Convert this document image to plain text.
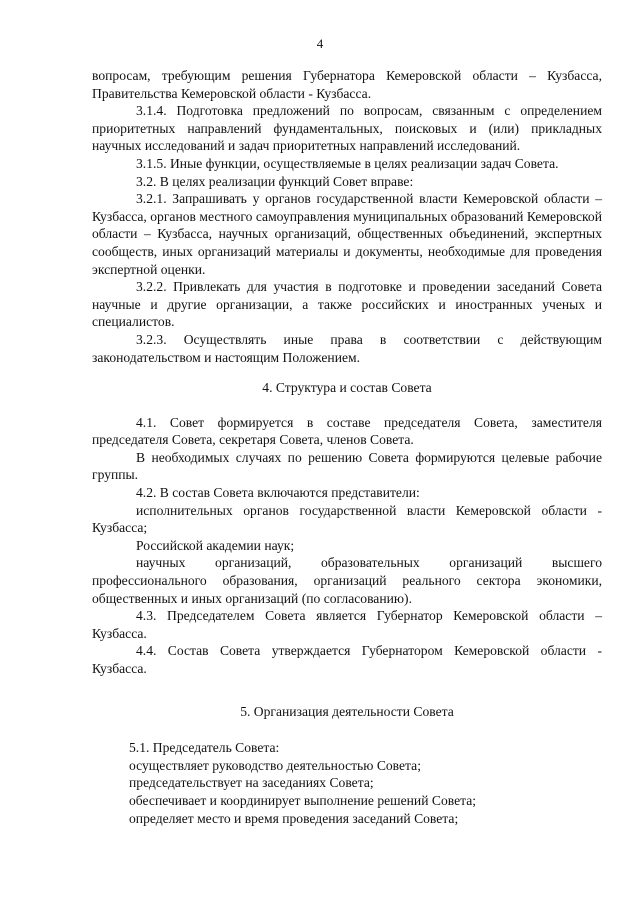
4

вопросам, требующим решения Губернатора Кемеровской области – Кузбасса, Правительства Кемеровской области - Кузбасса.

3.1.4. Подготовка предложений по вопросам, связанным с определением приоритетных направлений фундаментальных, поисковых и (или) прикладных научных исследований и задач приоритетных направлений исследований.

3.1.5. Иные функции, осуществляемые в целях реализации задач Совета.

3.2. В целях реализации функций Совет вправе:

3.2.1. Запрашивать у органов государственной власти Кемеровской области – Кузбасса, органов местного самоуправления муниципальных образований Кемеровской области – Кузбасса, научных организаций, общественных объединений, экспертных сообществ, иных организаций материалы и документы, необходимые для проведения экспертной оценки.

3.2.2. Привлекать для участия в подготовке и проведении заседаний Совета научные и другие организации, а также российских и иностранных ученых и специалистов.

3.2.3. Осуществлять иные права в соответствии с действующим законодательством и настоящим Положением.

4. Структура и состав Совета

4.1. Совет формируется в составе председателя Совета, заместителя председателя Совета, секретаря Совета, членов Совета.

В необходимых случаях по решению Совета формируются целевые рабочие группы.

4.2. В состав Совета включаются представители:

исполнительных органов государственной власти Кемеровской области - Кузбасса;

Российской академии наук;

научных организаций, образовательных организаций высшего профессионального образования, организаций реального сектора экономики, общественных и иных организаций (по согласованию).

4.3. Председателем Совета является Губернатор Кемеровской области – Кузбасса.

4.4. Состав Совета утверждается Губернатором Кемеровской области - Кузбасса.

5. Организация деятельности Совета

5.1. Председатель Совета:

осуществляет руководство деятельностью Совета;

председательствует на заседаниях Совета;

обеспечивает и координирует выполнение решений Совета;

определяет место и время проведения заседаний Совета;
